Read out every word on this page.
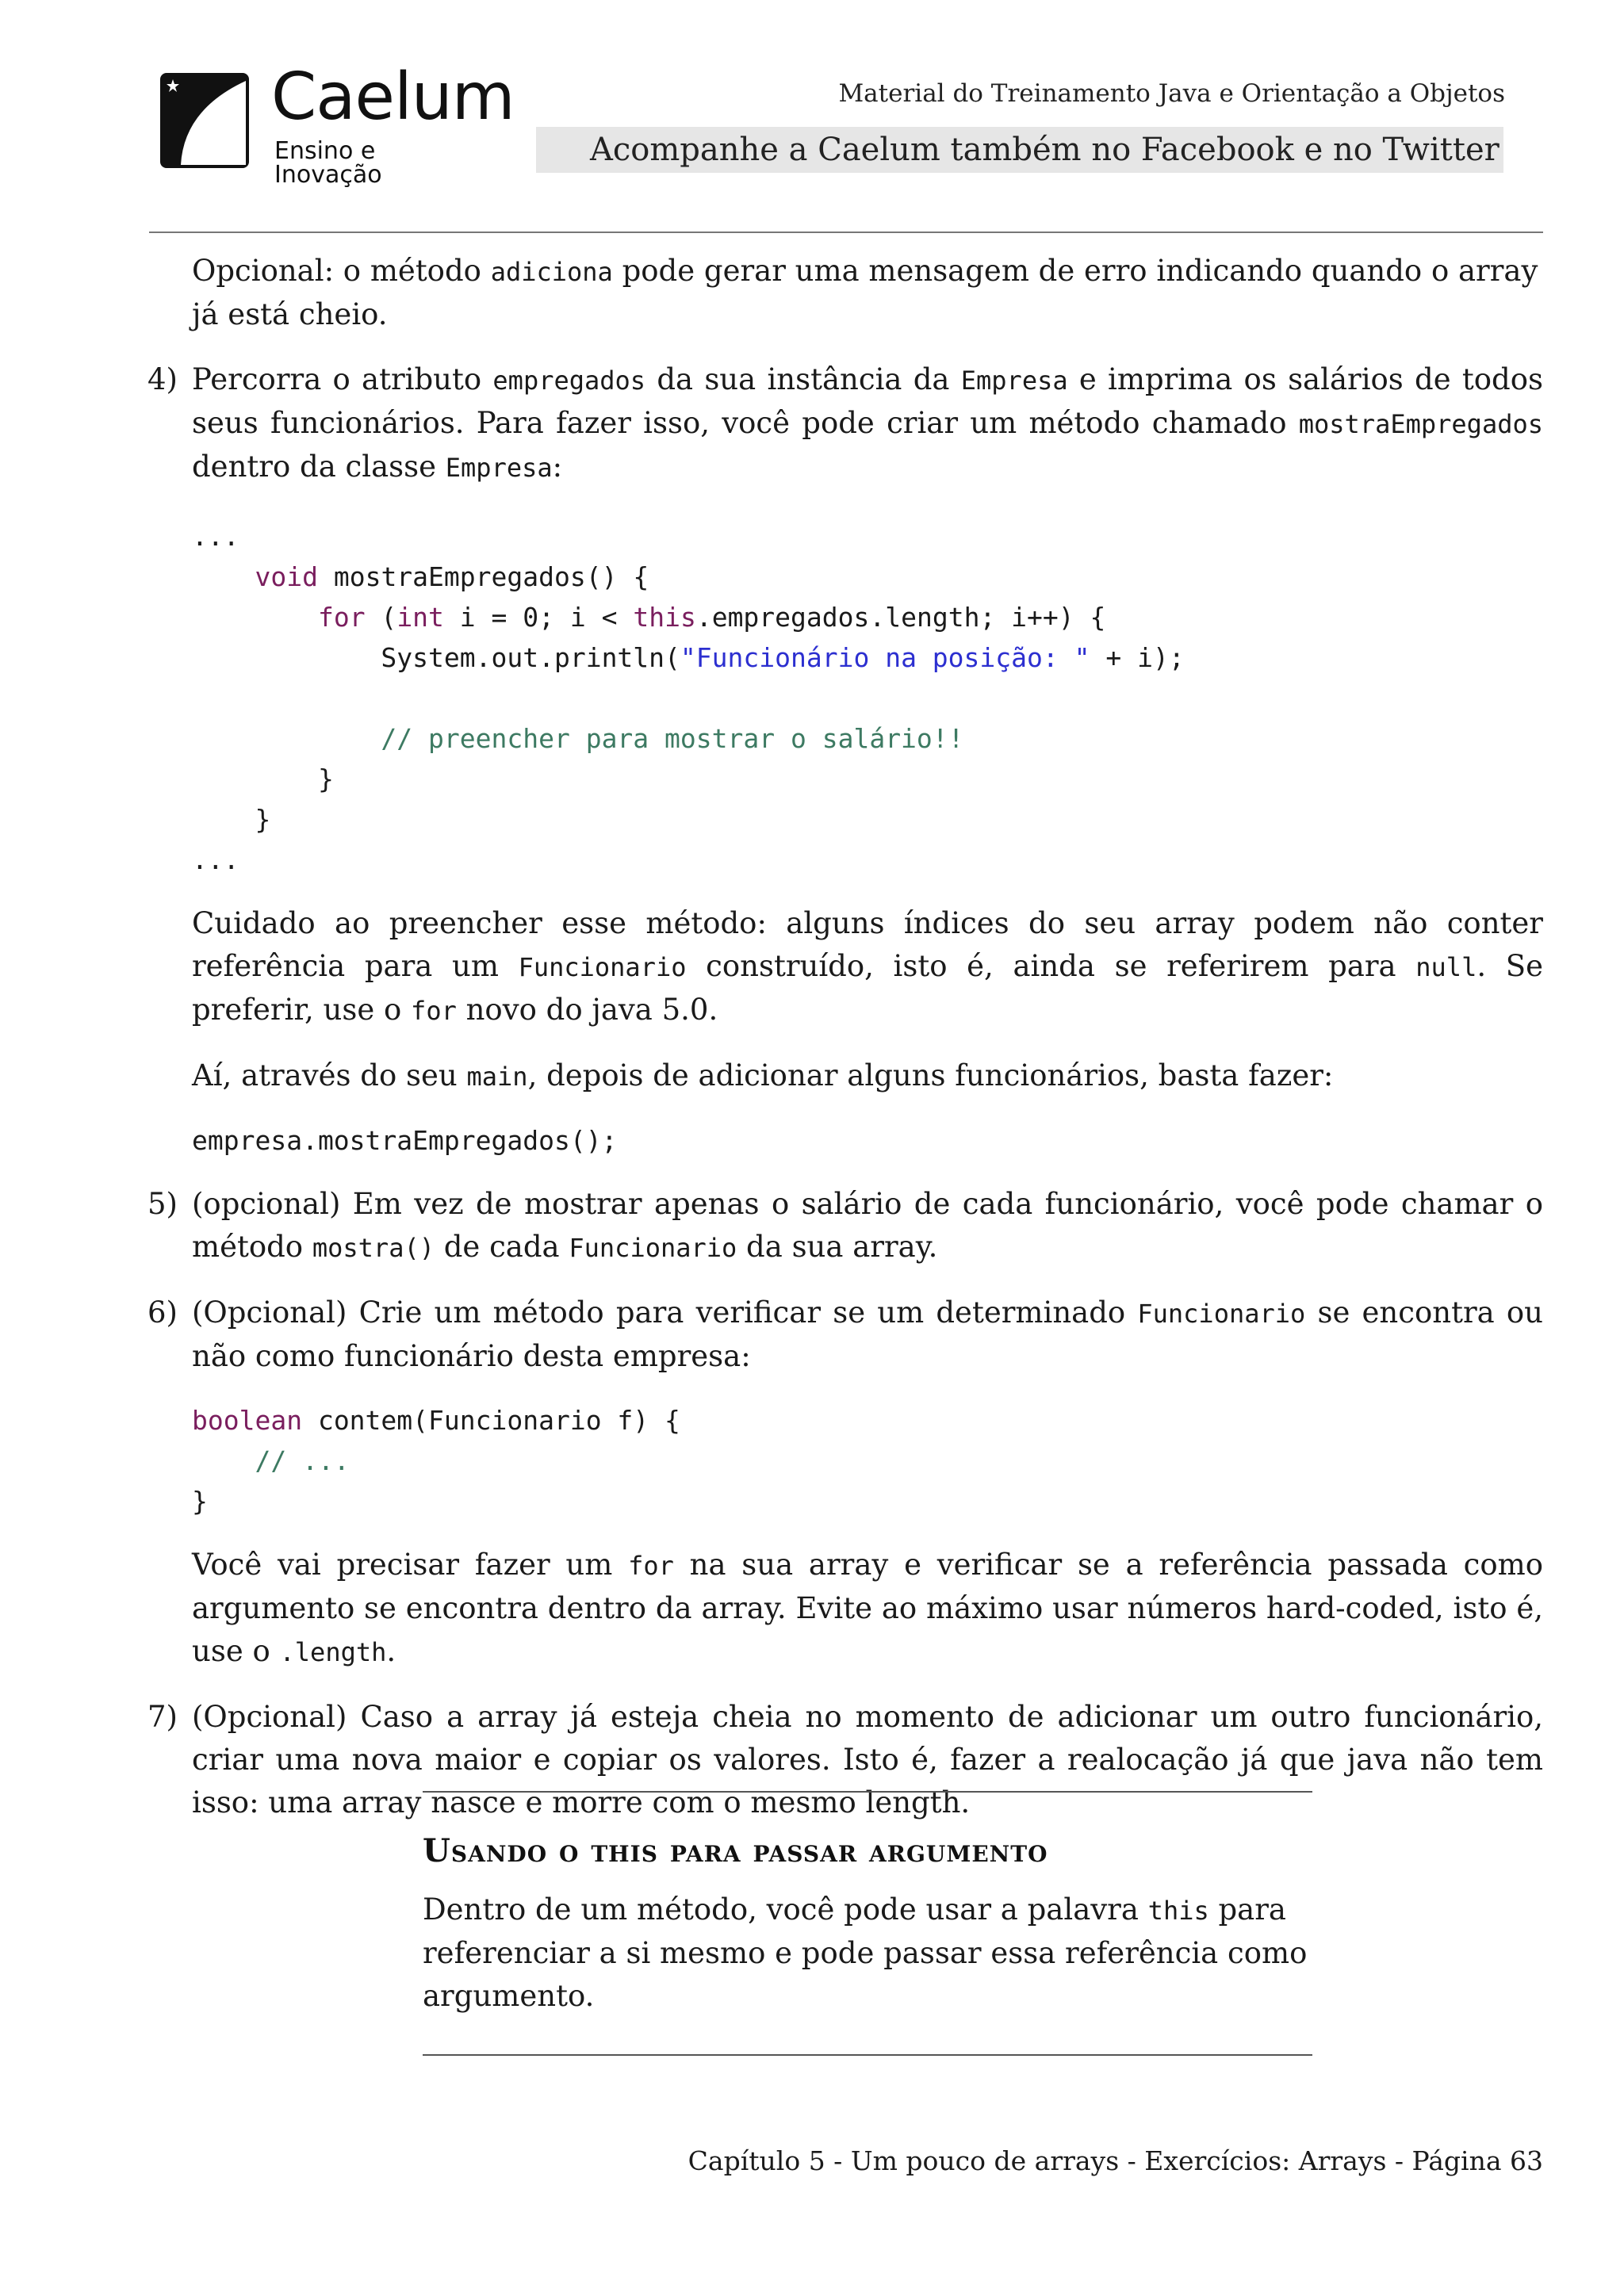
Caelum
Ensino e Inovação
Material do Treinamento Java e Orientação a Objetos
Acompanhe a Caelum também no Facebook e no Twitter

Opcional: o método adiciona pode gerar uma mensagem de erro indicando quando o array já está cheio.

4) Percorra o atributo empregados da sua instância da Empresa e imprima os salários de todos seus funcionários. Para fazer isso, você pode criar um método chamado mostraEmpregados dentro da classe Empresa:

...
void mostraEmpregados() {
for (int i = 0; i < this.empregados.length; i++) {
System.out.println("Funcionário na posição: " + i);

// preencher para mostrar o salário!!
}
}
...

Cuidado ao preencher esse método: alguns índices do seu array podem não conter referência para um Funcionario construído, isto é, ainda se referirem para null. Se preferir, use o for novo do java 5.0.

Aí, através do seu main, depois de adicionar alguns funcionários, basta fazer:

empresa.mostraEmpregados();
5) (opcional) Em vez de mostrar apenas o salário de cada funcionário, você pode chamar o método mostra() de cada Funcionario da sua array.

6) (Opcional) Crie um método para verificar se um determinado Funcionario se encontra ou não como funcionário desta empresa:

boolean contem(Funcionario f) {
// ...
}

Você vai precisar fazer um for na sua array e verificar se a referência passada como argumento se encontra dentro da array. Evite ao máximo usar números hard-coded, isto é, use o .length.

7) (Opcional) Caso a array já esteja cheia no momento de adicionar um outro funcionário, criar uma nova maior e copiar os valores. Isto é, fazer a realocação já que java não tem isso: uma array nasce e morre com o mesmo length.

Usando o this para passar argumento

Dentro de um método, você pode usar a palavra this para referenciar a si mesmo e pode passar essa referência como argumento.

Capítulo 5 - Um pouco de arrays - Exercícios: Arrays - Página 63
